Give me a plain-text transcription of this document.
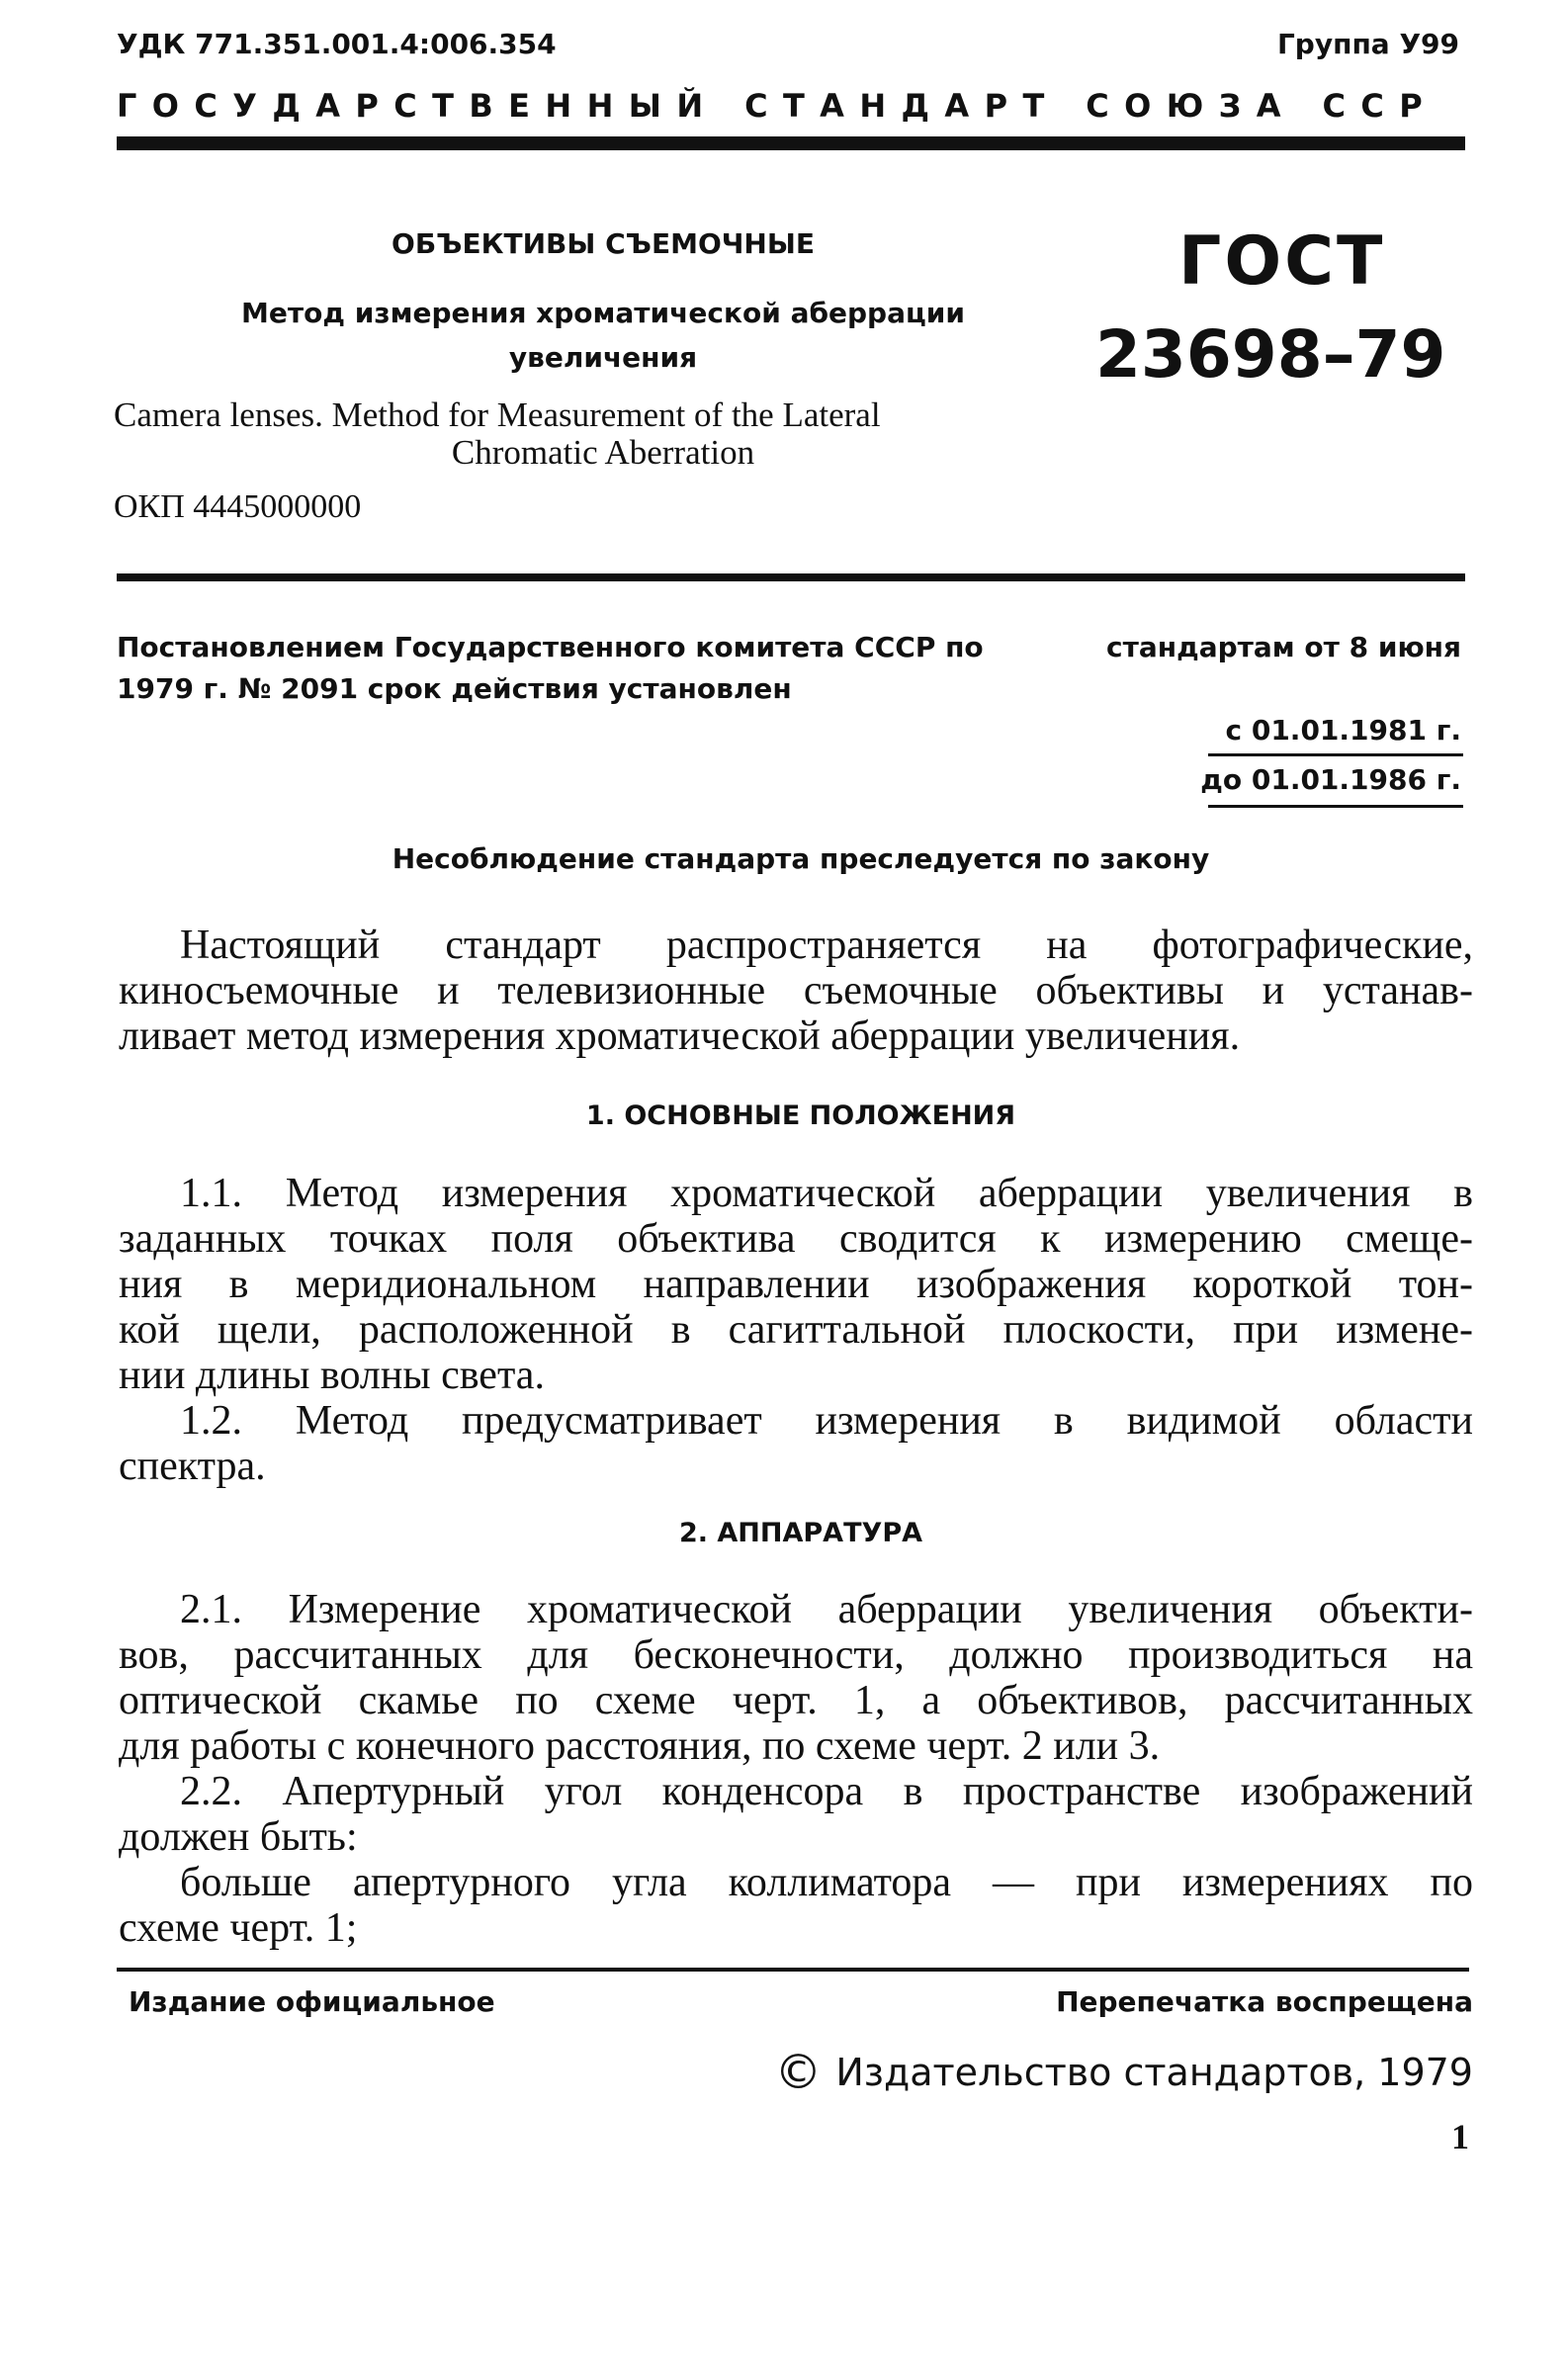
УДК 771.351.001.4:006.354	Группа У99
ГОСУДАРСТВЕННЫЙ СТАНДАРТ СОЮЗА ССР
ОБЪЕКТИВЫ СЪЕМОЧНЫЕ
Метод измерения хроматической аберрации
увеличения
Camera lenses. Method for Measurement of the Lateral
Chromatic Aberration
ОКП 4445000000
ГОСТ
23698–79
Постановлением Государственного комитета СССР по	стандартам от 8 июня
1979 г. № 2091 срок действия установлен
с 01.01.1981 г.
до 01.01.1986 г.
Несоблюдение стандарта преследуется по закону
Настоящий стандарт распространяется на фотографические,
киносъемочные и телевизионные съемочные объективы и устанав-
ливает метод измерения хроматической аберрации увеличения.
1. ОСНОВНЫЕ ПОЛОЖЕНИЯ
1.1. Метод измерения хроматической аберрации увеличения в
заданных точках поля объектива сводится к измерению смеще-
ния в меридиональном направлении изображения короткой тон-
кой щели, расположенной в сагиттальной плоскости, при измене-
нии длины волны света.
1.2. Метод предусматривает измерения в видимой области
спектра.
2. АППАРАТУРА
2.1. Измерение хроматической аберрации увеличения объекти-
вов, рассчитанных для бесконечности, должно производиться на
оптической скамье по схеме черт. 1, а объективов, рассчитанных
для работы с конечного расстояния, по схеме черт. 2 или 3.
2.2. Апертурный угол конденсора в пространстве изображений
должен быть:
больше апертурного угла коллиматора — при измерениях по
схеме черт. 1;
Издание официальное	Перепечатка воспрещена
© Издательство стандартов, 1979
1
